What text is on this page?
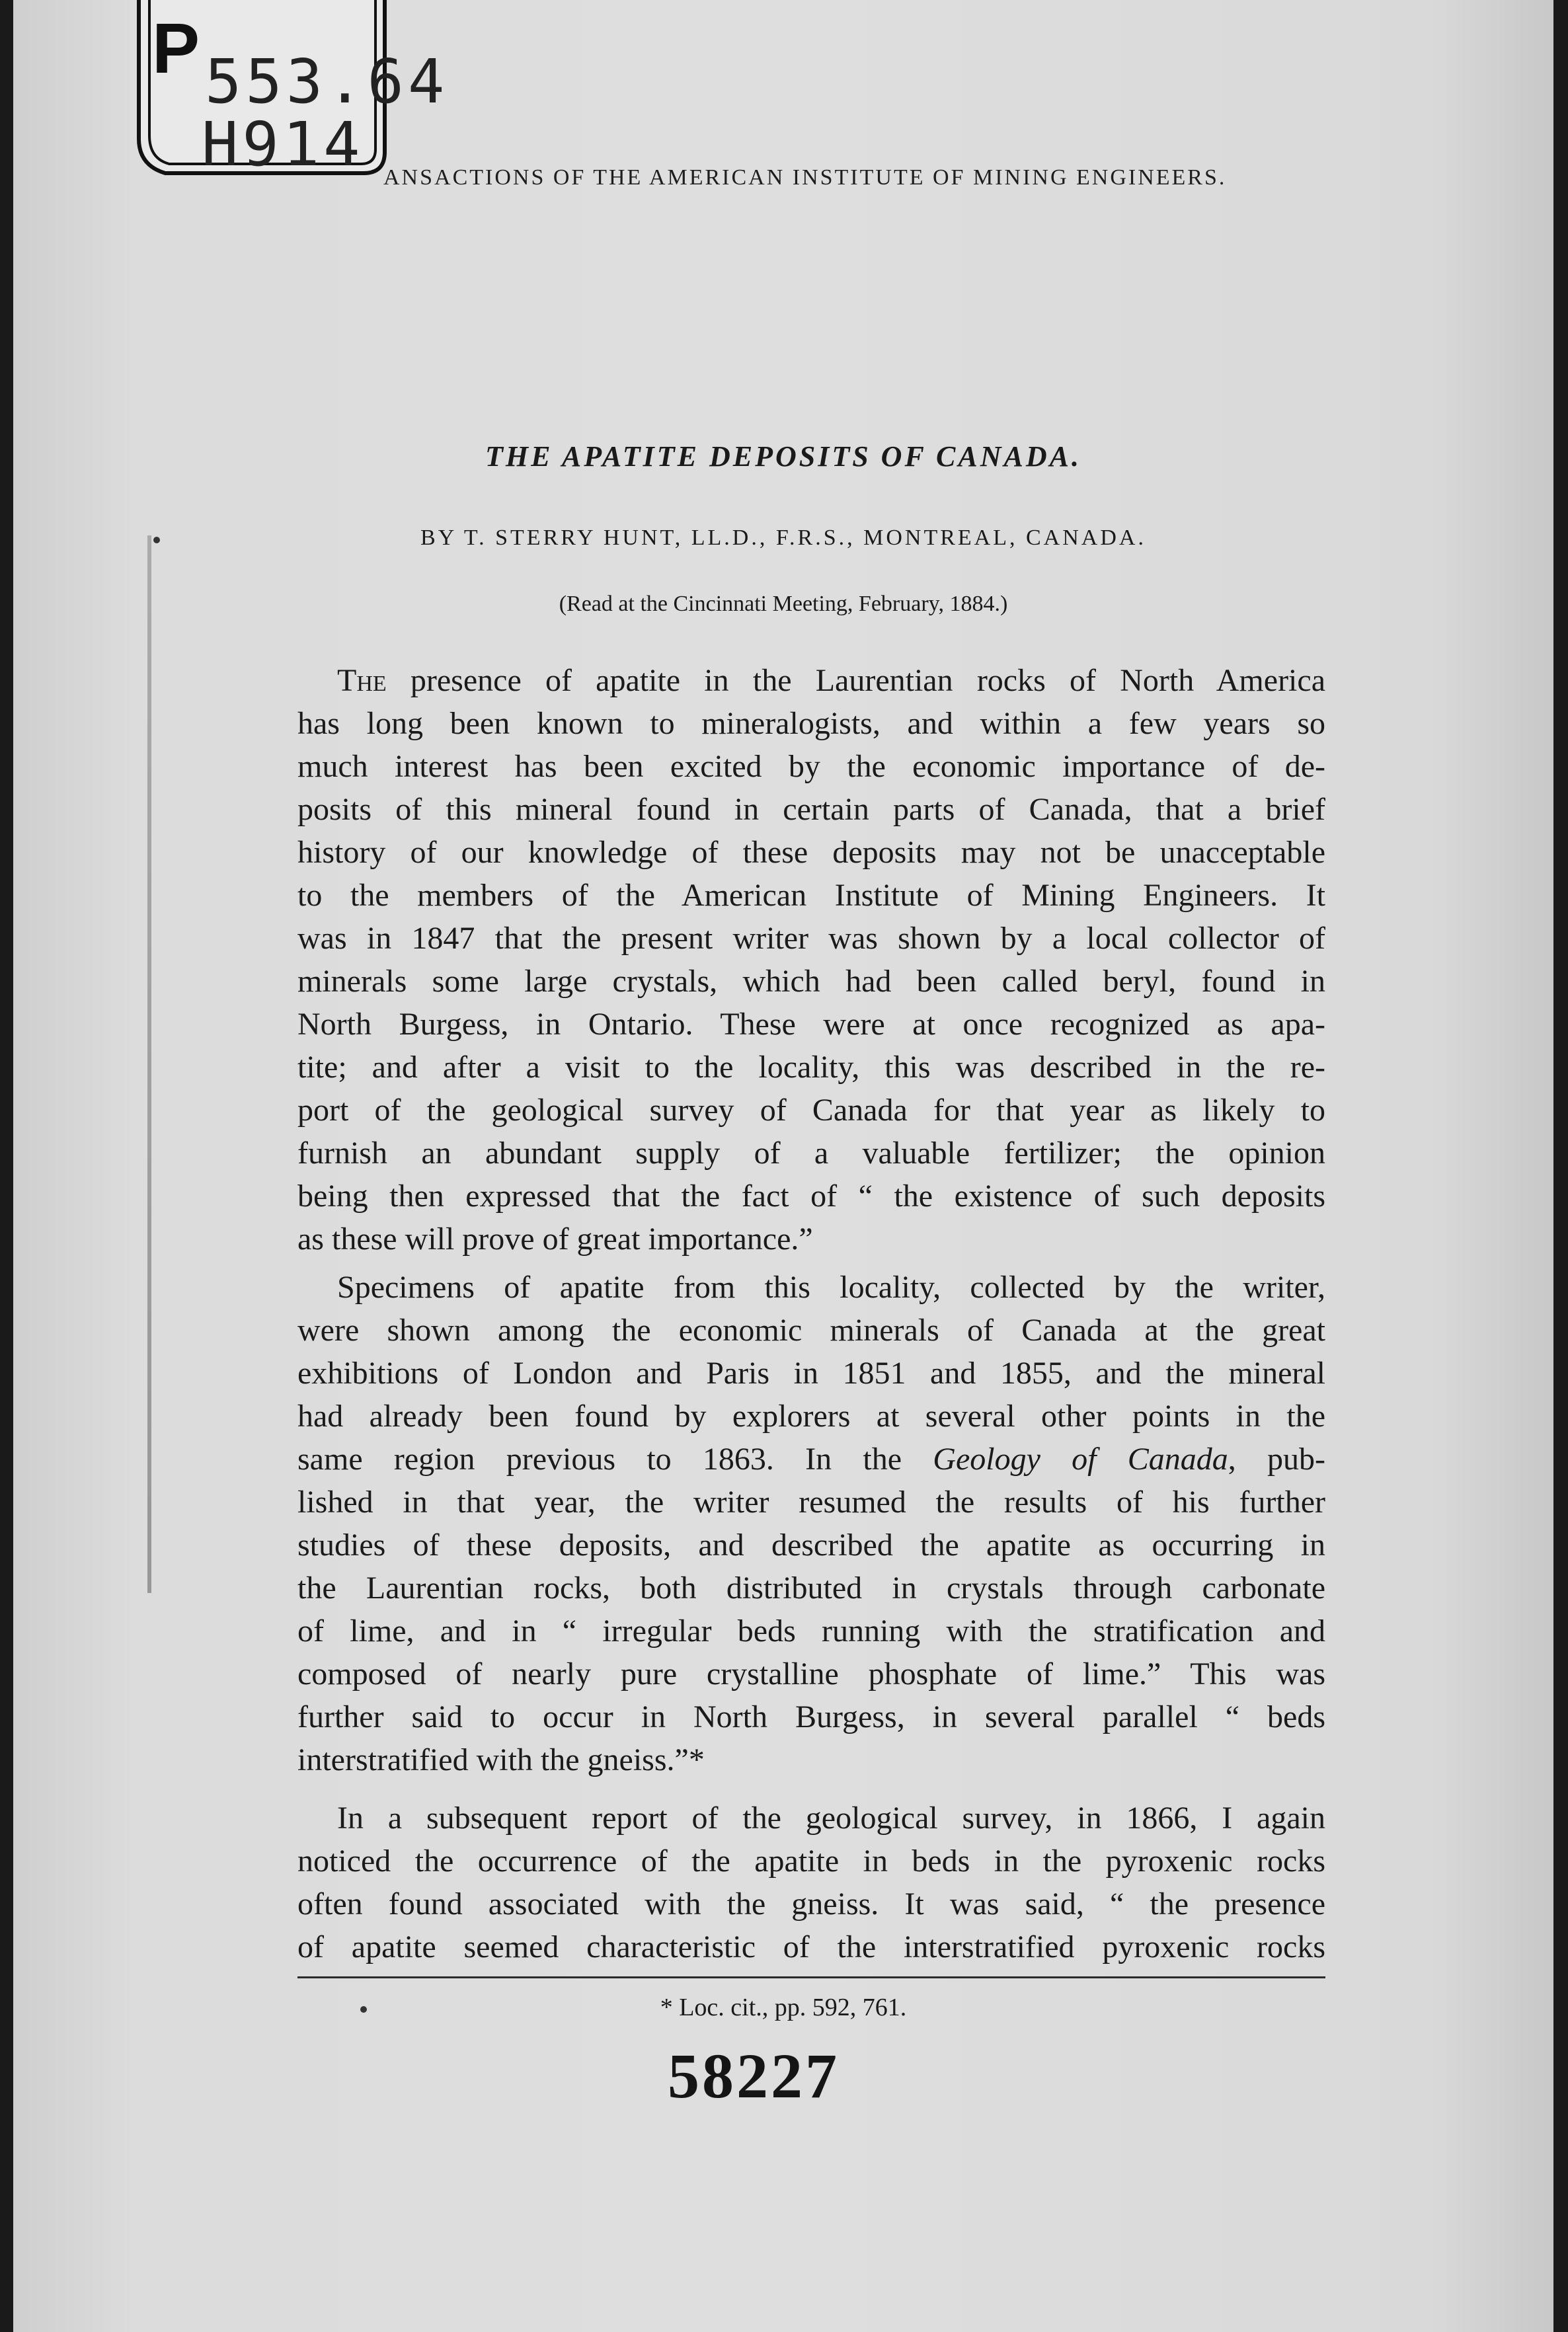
P 553.64
H914 ANSACTIONS OF THE AMERICAN INSTITUTE OF MINING ENGINEERS.
THE APATITE DEPOSITS OF CANADA.
BY T. STERRY HUNT, LL.D., F.R.S., MONTREAL, CANADA.
(Read at the Cincinnati Meeting, February, 1884.)
The presence of apatite in the Laurentian rocks of North America
has long been known to mineralogists, and within a few years so
much interest has been excited by the economic importance of de-
posits of this mineral found in certain parts of Canada, that a brief
history of our knowledge of these deposits may not be unacceptable
to the members of the American Institute of Mining Engineers. It
was in 1847 that the present writer was shown by a local collector of
minerals some large crystals, which had been called beryl, found in
North Burgess, in Ontario. These were at once recognized as apa-
tite; and after a visit to the locality, this was described in the re-
port of the geological survey of Canada for that year as likely to
furnish an abundant supply of a valuable fertilizer; the opinion
being then expressed that the fact of “ the existence of such deposits
as these will prove of great importance.”
Specimens of apatite from this locality, collected by the writer,
were shown among the economic minerals of Canada at the great
exhibitions of London and Paris in 1851 and 1855, and the mineral
had already been found by explorers at several other points in the
same region previous to 1863. In the Geology of Canada, pub-
lished in that year, the writer resumed the results of his further
studies of these deposits, and described the apatite as occurring in
the Laurentian rocks, both distributed in crystals through carbonate
of lime, and in “ irregular beds running with the stratification and
composed of nearly pure crystalline phosphate of lime.” This was
further said to occur in North Burgess, in several parallel “ beds
interstratified with the gneiss.”*
In a subsequent report of the geological survey, in 1866, I again
noticed the occurrence of the apatite in beds in the pyroxenic rocks
often found associated with the gneiss. It was said, “ the presence
of apatite seemed characteristic of the interstratified pyroxenic rocks
* Loc. cit., pp. 592, 761.
58227
